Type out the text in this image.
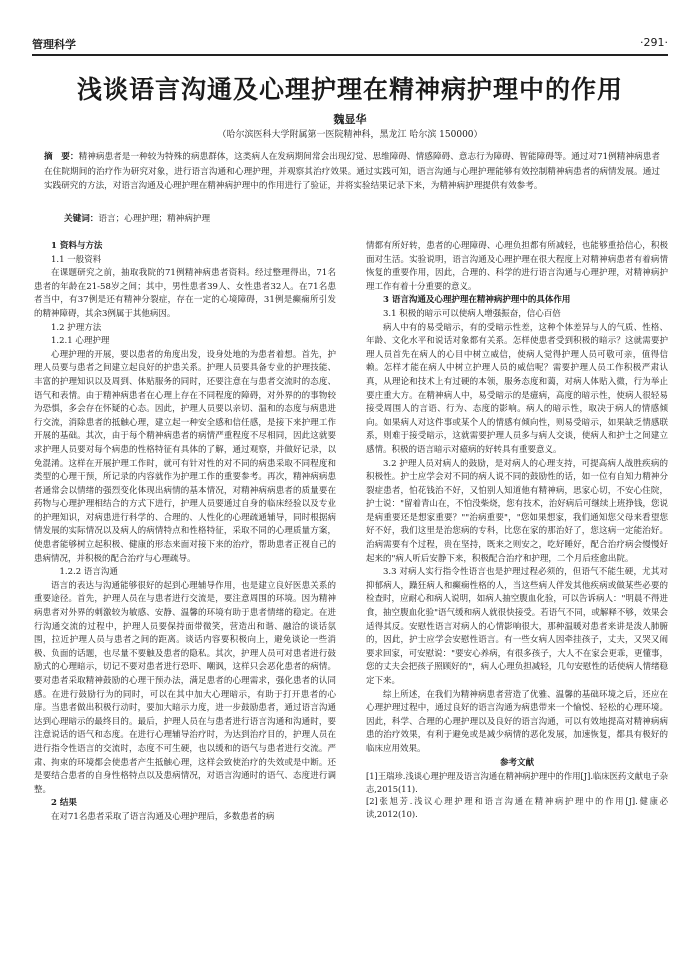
管理科学	·291·
浅谈语言沟通及心理护理在精神病护理中的作用
魏显华
（哈尔滨医科大学附属第一医院精神科，黑龙江 哈尔滨 150000）
摘　要：精神病患者是一种较为特殊的病患群体，这类病人在发病期间常会出现幻觉、思维障碍、情感障碍、意志行为障碍、智能障碍等。通过对71例精神病患者在住院期间的治疗作为研究对象，进行语言沟通和心理护理，并观察其治疗效果。通过实践可知，语言沟通与心理护理能够有效控制精神病患者的病情发展。通过实践研究的方法，对语言沟通及心理护理在精神病护理中的作用进行了验证，并将实验结果记录下来，为精神病护理提供有效参考。
关键词：语言；心理护理；精神病护理

1 资料与方法

1.1 一般资料

在课题研究之前，抽取我院的71例精神病患者资料。经过整理得出，71名患者的年龄在21-58岁之间；其中，男性患者39人、女性患者32人。在71名患者当中，有37例是还有精神分裂症，存在一定的心境障碍，31例是癫痫所引发的精神障碍，其余3例属于其他病因。

1.2 护理方法

1.2.1 心理护理

心理护理的开展，要以患者的角度出发，设身处地的为患者着想。首先，护理人员要与患者之间建立起良好的护患关系。护理人员要具备专业的护理技能、丰富的护理知识以及周到、体贴服务的同时，还要注意在与患者交流时的态度、语气和表情。由于精神病患者在心理上存在不同程度的障碍，对外界的的事物较为恐惧，多会存在怀疑的心态。因此，护理人员要以亲切、温和的态度与病患进行交流，消除患者的抵触心理，建立起一种安全感和信任感，是接下来护理工作开展的基础。其次，由于每个精神病患者的病情严重程度不尽相同，因此这就要求护理人员要对每个病患的性格特征有具体的了解，通过观察，并做好记录，以免混淆。这样在开展护理工作时，就可有针对性的对不同的病患采取不同程度和类型的心理干预，所记录的内容就作为护理工作的重要参考。再次，精神病病患者通常会以情绪的强烈变化体现出病情的基本情况，对精神病病患者的质量要在药物与心理护理相结合的方式下进行，护理人员要通过自身的临床经验以及专业的护理知识，对病患进行科学的、合理的、人性化的心理疏通辅导，同时根据病情发展的实际情况以及病人的病情特点和性格特征，采取不同的心理质量方案，使患者能够树立起积极、健康的形态来面对接下来的治疗，帮助患者正视自己的患病情况，并积极的配合治疗与心理疏导。

1.2.2 语言沟通

语言的表达与沟通能够很好的起到心理辅导作用，也是建立良好医患关系的重要途径。首先，护理人员在与患者进行交流是，要注意周围的环境。因为精神病患者对外界的刺激较为敏感、安静、温馨的环境有助于患者情绪的稳定。在进行沟通交流的过程中，护理人员要保持面带微笑，营造出和谐、融洽的谈话氛围，拉近护理人员与患者之间的距离。谈话内容要积极向上，避免谈论一些消极、负面的话题，也尽量不要触及患者的隐私。其次，护理人员可对患者进行鼓励式的心理暗示，切记不要对患者进行恐吓、嘲讽，这样只会恶化患者的病情。要对患者采取精神鼓励的心理干预办法，满足患者的心理需求，强化患者的认同感。在进行鼓励行为的同时，可以在其中加大心理暗示，有助于打开患者的心扉。当患者做出积极行动时，要加大暗示力度，进一步鼓励患者，通过语言沟通达到心理暗示的最终目的。最后，护理人员在与患者进行语言沟通和沟通时，要注意说话的语气和态度。在进行心理辅导治疗时，为达到治疗目的，护理人员在进行指令性语言的交流时，态度不可生硬，也以缓和的语气与患者进行交流。严肃、拘束的环境都会使患者产生抵触心理，这样会致使治疗的失效或是中断。还是要结合患者的自身性格特点以及患病情况，对语言沟通时的语气、态度进行调整。

2 结果

在对71名患者采取了语言沟通及心理护理后，多数患者的病

情都有所好转，患者的心理障碍、心理负担都有所减轻，也能够重拾信心，积极面对生活。实验说明，语言沟通及心理护理在很大程度上对精神病患者有着病情恢复的重要作用，因此，合理的、科学的进行语言沟通与心理护理，对精神病护理工作有着十分重要的意义。

3 语言沟通及心理护理在精神病护理中的具体作用

3.1 积极的暗示可以使病人增强振奋，信心百倍

病人中有的易受暗示，有的受暗示性差，这种个体差异与人的气质、性格、年龄、文化水平和说话对象都有关系。怎样使患者受到积极的暗示？这就需要护理人员首先在病人的心目中树立威信，使病人觉得护理人员可敬可亲，值得信赖。怎样才能在病人中树立护理人员的威信呢？需要护理人员工作积极严肃认真，从理论和技术上有过硬的本领，服务态度和蔼，对病人体贴入微，行为举止要庄重大方。在精神病人中，易受暗示的是癔病，高度的暗示性，使病人很轻易接受周围人的言语、行为、态度的影响。病人的暗示性，取决于病人的情感倾向。如果病人对这件事或某个人的情感有倾向性，则易受暗示，如果缺乏情感联系，则难于接受暗示，这就需要护理人员多与病人交谈，使病人和护士之间建立感情。积极的语言暗示对癔病的好转具有重要意义。

3.2 护理人员对病人的鼓励，是对病人的心理支持，可提高病人战胜疾病的积极性。护士应学会对不同的病人说不同的鼓励性的话，如一位有自知力精神分裂症患者，怕花钱治不好，又怕别人知道他有精神病，思家心切，不安心住院，护士说："留着青山在，不怕没柴烧，您有技术，治好病后可继续上班挣钱，您说是病重要还是想家重要？""治病重要"，"您如果想家，我们通知您父母来看望您好不好，我们这里是治您病的专科，比您在家的那治好了，您这病一定能治好。治病需要有个过程，贵在坚持，既来之则安之，吃好睡好，配合治疗病会慢慢好起来的"病人听后安静下来，积极配合治疗和护理，二个月后痊愈出院。

3.3 对病人实行指令性语言也是护理过程必须的，但语气不能生硬，尤其对抑郁病人，躁狂病人和癫痫性格的人，当这些病人伴发其他疾病或做某些必要的检查时，应耐心和病人说明，如病人抽空腹血化验，可以告诉病人："明晨不得进食，抽空腹血化验"语气缓和病人就很快接受。若语气不同，或解释不够，效果会适得其反。安慰性语言对病人的心情影响很大，那种温暖对患者来讲是泼人肺腑的，因此，护士应学会安慰性语言。有一些女病人因牵挂孩子，丈夫，又哭又闹要求回家，可安慰说："要安心养病，有很多孩子，大人不在家会更乖，更懂事，您的丈夫会把孩子照顾好的"，病人心理负担减轻，几句安慰性的话使病人情绪稳定下来。

综上所述，在我们为精神病患者营造了优雅、温馨的基础环境之后，还应在心理护理过程中，通过良好的语言沟通为病患带来一个愉悦、轻松的心理环境。因此，科学、合理的心理护理以及良好的语言沟通，可以有效地提高对精神病病患的治疗效果，有利于避免或是减少病情的恶化发展，加速恢复，都具有极好的临床应用效果。

参考文献

[1]王瑞珍.浅谈心理护理及语言沟通在精神病护理中的作用[J].临床医药文献电子杂志,2015(11).

[2]张旭芳.浅议心理护理和语言沟通在精神病护理中的作用[J].健康必读,2012(10).
